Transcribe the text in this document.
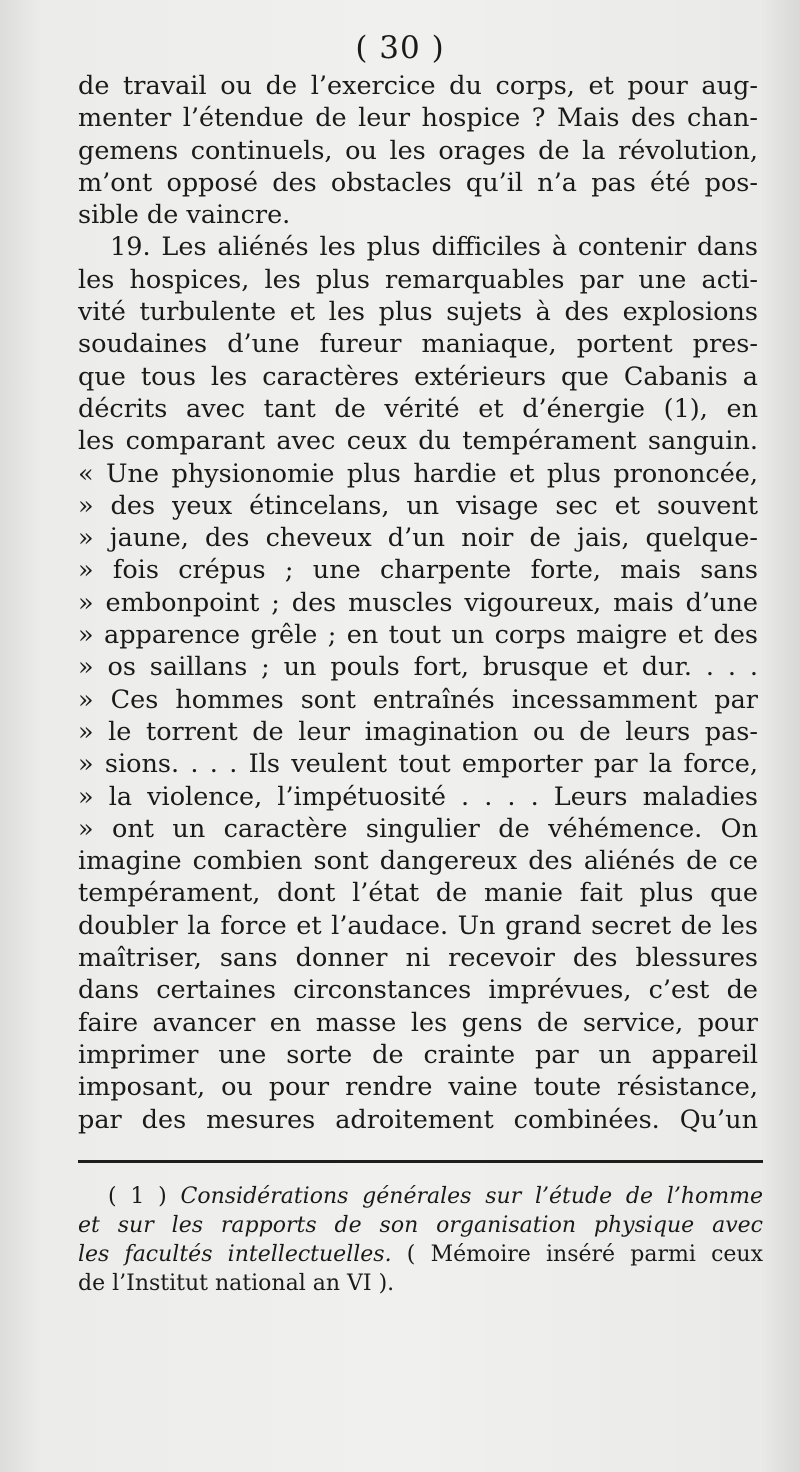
( 30 )
de travail ou de l’exercice du corps, et pour aug-
menter l’étendue de leur hospice ? Mais des chan-
gemens continuels, ou les orages de la révolution,
m’ont opposé des obstacles qu’il n’a pas été pos-
sible de vaincre.
19. Les aliénés les plus difficiles à contenir dans
les hospices, les plus remarquables par une acti-
vité turbulente et les plus sujets à des explosions
soudaines d’une fureur maniaque, portent pres-
que tous les caractères extérieurs que Cabanis a
décrits avec tant de vérité et d’énergie (1), en
les comparant avec ceux du tempérament sanguin.
« Une physionomie plus hardie et plus prononcée,
» des yeux étincelans, un visage sec et souvent
» jaune, des cheveux d’un noir de jais, quelque-
» fois crépus ; une charpente forte, mais sans
» embonpoint ; des muscles vigoureux, mais d’une
» apparence grêle ; en tout un corps maigre et des
» os saillans ; un pouls fort, brusque et dur. . . .
» Ces hommes sont entraînés incessamment par
» le torrent de leur imagination ou de leurs pas-
» sions. . . . Ils veulent tout emporter par la force,
» la violence, l’impétuosité . . . . Leurs maladies
» ont un caractère singulier de véhémence. On
imagine combien sont dangereux des aliénés de ce
tempérament, dont l’état de manie fait plus que
doubler la force et l’audace. Un grand secret de les
maîtriser, sans donner ni recevoir des blessures
dans certaines circonstances imprévues, c’est de
faire avancer en masse les gens de service, pour
imprimer une sorte de crainte par un appareil
imposant, ou pour rendre vaine toute résistance,
par des mesures adroitement combinées. Qu’un
( 1 ) Considérations générales sur l’étude de l’homme
et sur les rapports de son organisation physique avec
les facultés intellectuelles. ( Mémoire inséré parmi ceux
de l’Institut national an VI ).
